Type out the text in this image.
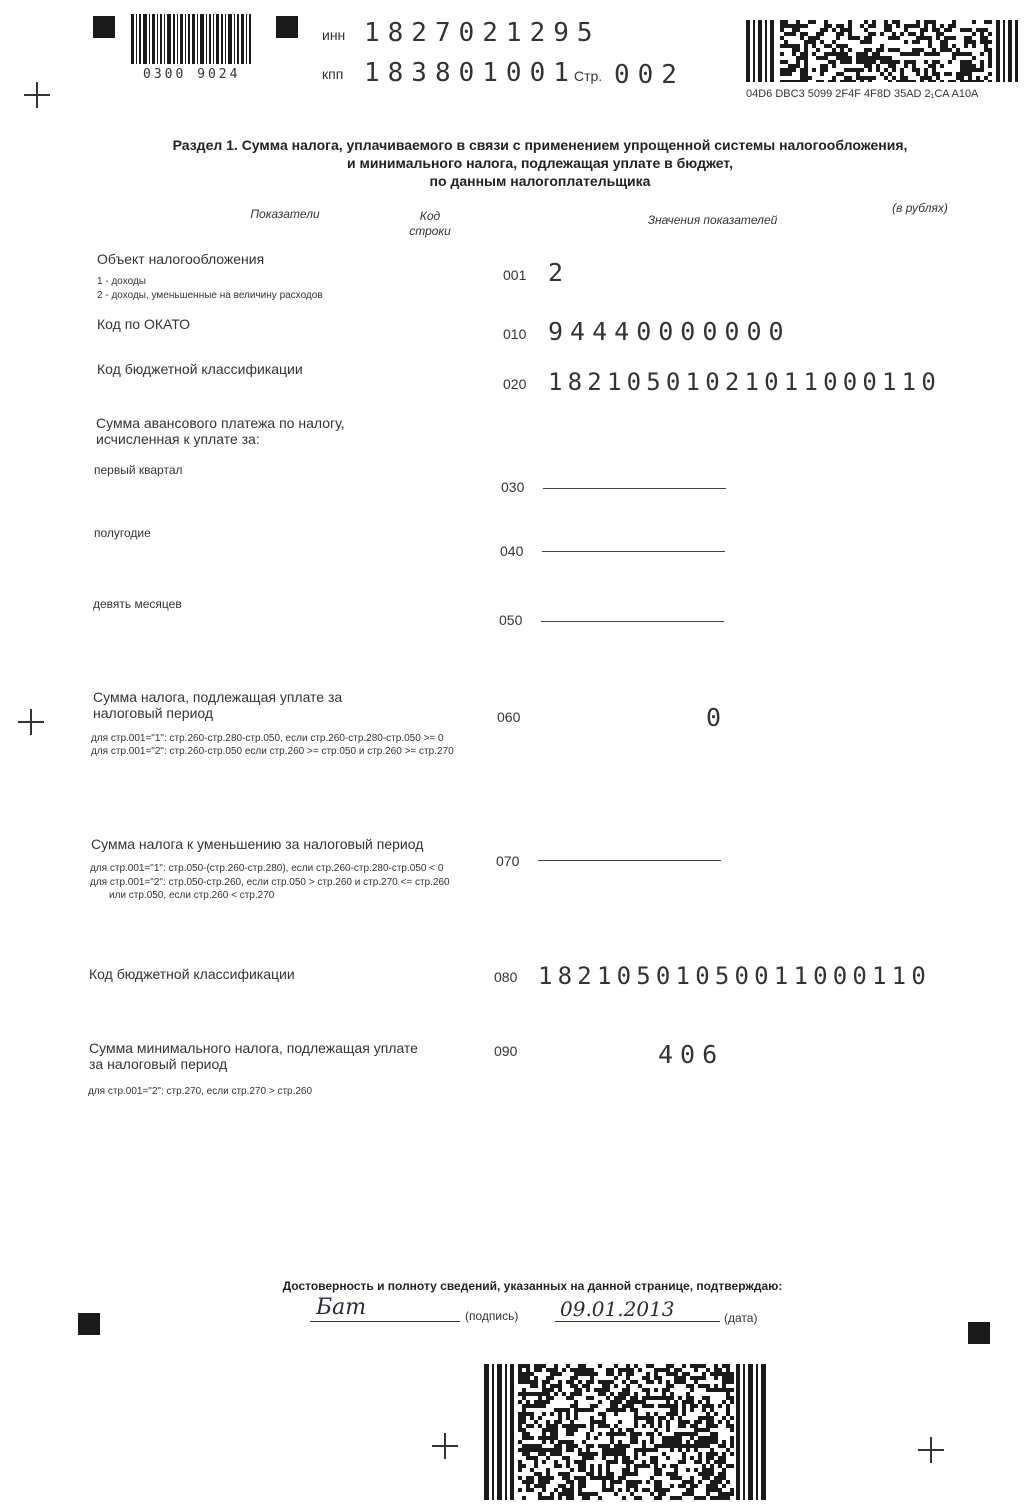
0300 9024
инн 1827021295
кпп 183801001
Стр. 002
04D6 DBC3 5099 2F4F 4F8D 35AD 2₁CA A10A
Раздел 1. Сумма налога, уплачиваемого в связи с применением упрощенной системы налогообложения,
и минимального налога, подлежащая уплате в бюджет,
по данным налогоплательщика
Показатели	Код
строки
Значения показателей
(в рублях)
Объект налогообложения
1 - доходы
2 - доходы, уменьшенные на величину расходов
001 2
Код по ОКАТО
010 94440000000
Код бюджетной классификации
020 18210501021011000110
Сумма авансового платежа по налогу,
исчисленная к уплате за:
первый квартал
030
полугодие
040
девять месяцев
050
Сумма налога, подлежащая уплате за
налоговый период
для стр.001="1": стр.260-стр.280-стр.050, если стр.260-стр.280-стр.050 >= 0
для стр.001="2": стр.260-стр.050 если стр.260 >= стр.050 и стр.260 >= стр.270
060	0
Сумма налога к уменьшению за налоговый период
для стр.001="1": стр.050-(стр.260-стр.280), если стр.260-стр.280-стр.050 < 0
для стр.001="2": стр.050-стр.260, если стр.050 > стр.260 и стр.270 <= стр.260
или стр.050, если стр.260 < стр.270
070
Код бюджетной классификации	080 18210501050011000110
Сумма минимального налога, подлежащая уплате
за налоговый период
для стр.001="2": стр.270, если стр.270 > стр.260
090	406
Достоверность и полноту сведений, указанных на данной странице, подтверждаю:
Бат	(подпись) 09.01.2013	(дата)
